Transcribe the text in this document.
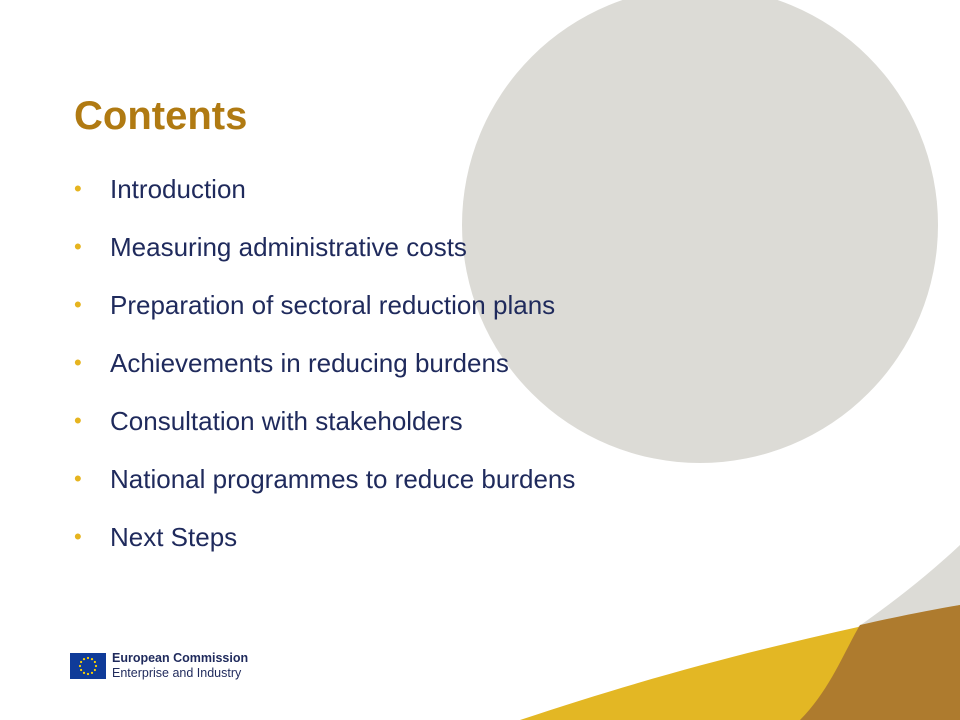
Contents
•	Introduction
•	Measuring administrative costs
•	Preparation of sectoral reduction plans
•	Achievements in reducing burdens
•	Consultation with stakeholders
•	National programmes to reduce burdens
•	Next Steps
European Commission
Enterprise and Industry
